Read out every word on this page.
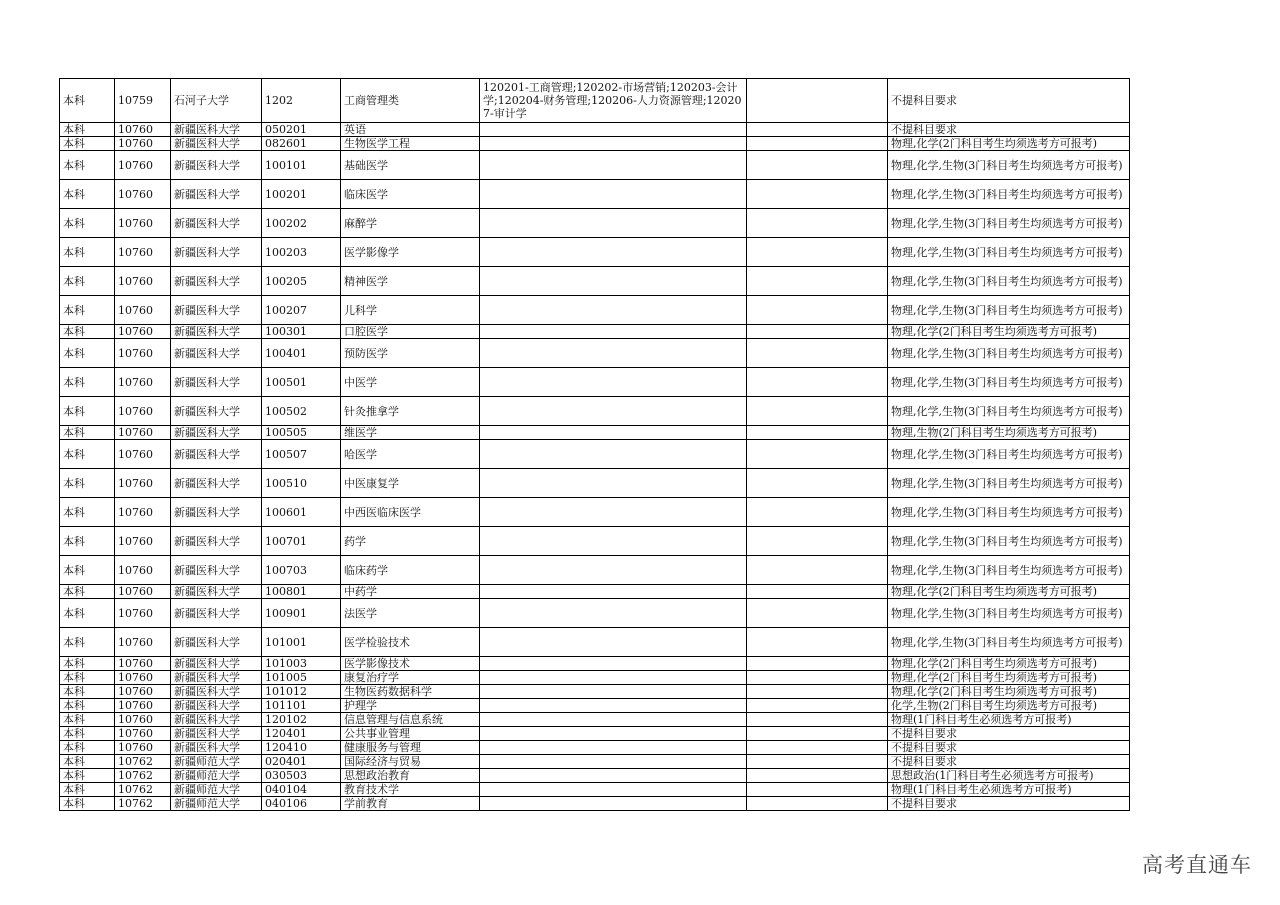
本科	10759	石河子大学	1202	工商管理类	120201-工商管理;120202-市场营销;120203-会计学;120204-财务管理;120206-人力资源管理;120207-审计学		不提科目要求
本科	10760	新疆医科大学	050201	英语			不提科目要求
本科	10760	新疆医科大学	082601	生物医学工程			物理,化学(2门科目考生均须选考方可报考)
本科	10760	新疆医科大学	100101	基础医学			物理,化学,生物(3门科目考生均须选考方可报考)
本科	10760	新疆医科大学	100201	临床医学			物理,化学,生物(3门科目考生均须选考方可报考)
本科	10760	新疆医科大学	100202	麻醉学			物理,化学,生物(3门科目考生均须选考方可报考)
本科	10760	新疆医科大学	100203	医学影像学			物理,化学,生物(3门科目考生均须选考方可报考)
本科	10760	新疆医科大学	100205	精神医学			物理,化学,生物(3门科目考生均须选考方可报考)
本科	10760	新疆医科大学	100207	儿科学			物理,化学,生物(3门科目考生均须选考方可报考)
本科	10760	新疆医科大学	100301	口腔医学			物理,化学(2门科目考生均须选考方可报考)
本科	10760	新疆医科大学	100401	预防医学			物理,化学,生物(3门科目考生均须选考方可报考)
本科	10760	新疆医科大学	100501	中医学			物理,化学,生物(3门科目考生均须选考方可报考)
本科	10760	新疆医科大学	100502	针灸推拿学			物理,化学,生物(3门科目考生均须选考方可报考)
本科	10760	新疆医科大学	100505	维医学			物理,生物(2门科目考生均须选考方可报考)
本科	10760	新疆医科大学	100507	哈医学			物理,化学,生物(3门科目考生均须选考方可报考)
本科	10760	新疆医科大学	100510	中医康复学			物理,化学,生物(3门科目考生均须选考方可报考)
本科	10760	新疆医科大学	100601	中西医临床医学			物理,化学,生物(3门科目考生均须选考方可报考)
本科	10760	新疆医科大学	100701	药学			物理,化学,生物(3门科目考生均须选考方可报考)
本科	10760	新疆医科大学	100703	临床药学			物理,化学,生物(3门科目考生均须选考方可报考)
本科	10760	新疆医科大学	100801	中药学			物理,化学(2门科目考生均须选考方可报考)
本科	10760	新疆医科大学	100901	法医学			物理,化学,生物(3门科目考生均须选考方可报考)
本科	10760	新疆医科大学	101001	医学检验技术			物理,化学,生物(3门科目考生均须选考方可报考)
本科	10760	新疆医科大学	101003	医学影像技术			物理,化学(2门科目考生均须选考方可报考)
本科	10760	新疆医科大学	101005	康复治疗学			物理,化学(2门科目考生均须选考方可报考)
本科	10760	新疆医科大学	101012	生物医药数据科学			物理,化学(2门科目考生均须选考方可报考)
本科	10760	新疆医科大学	101101	护理学			化学,生物(2门科目考生均须选考方可报考)
本科	10760	新疆医科大学	120102	信息管理与信息系统			物理(1门科目考生必须选考方可报考)
本科	10760	新疆医科大学	120401	公共事业管理			不提科目要求
本科	10760	新疆医科大学	120410	健康服务与管理			不提科目要求
本科	10762	新疆师范大学	020401	国际经济与贸易			不提科目要求
本科	10762	新疆师范大学	030503	思想政治教育			思想政治(1门科目考生必须选考方可报考)
本科	10762	新疆师范大学	040104	教育技术学			物理(1门科目考生必须选考方可报考)
本科	10762	新疆师范大学	040106	学前教育			不提科目要求
高考直通车
